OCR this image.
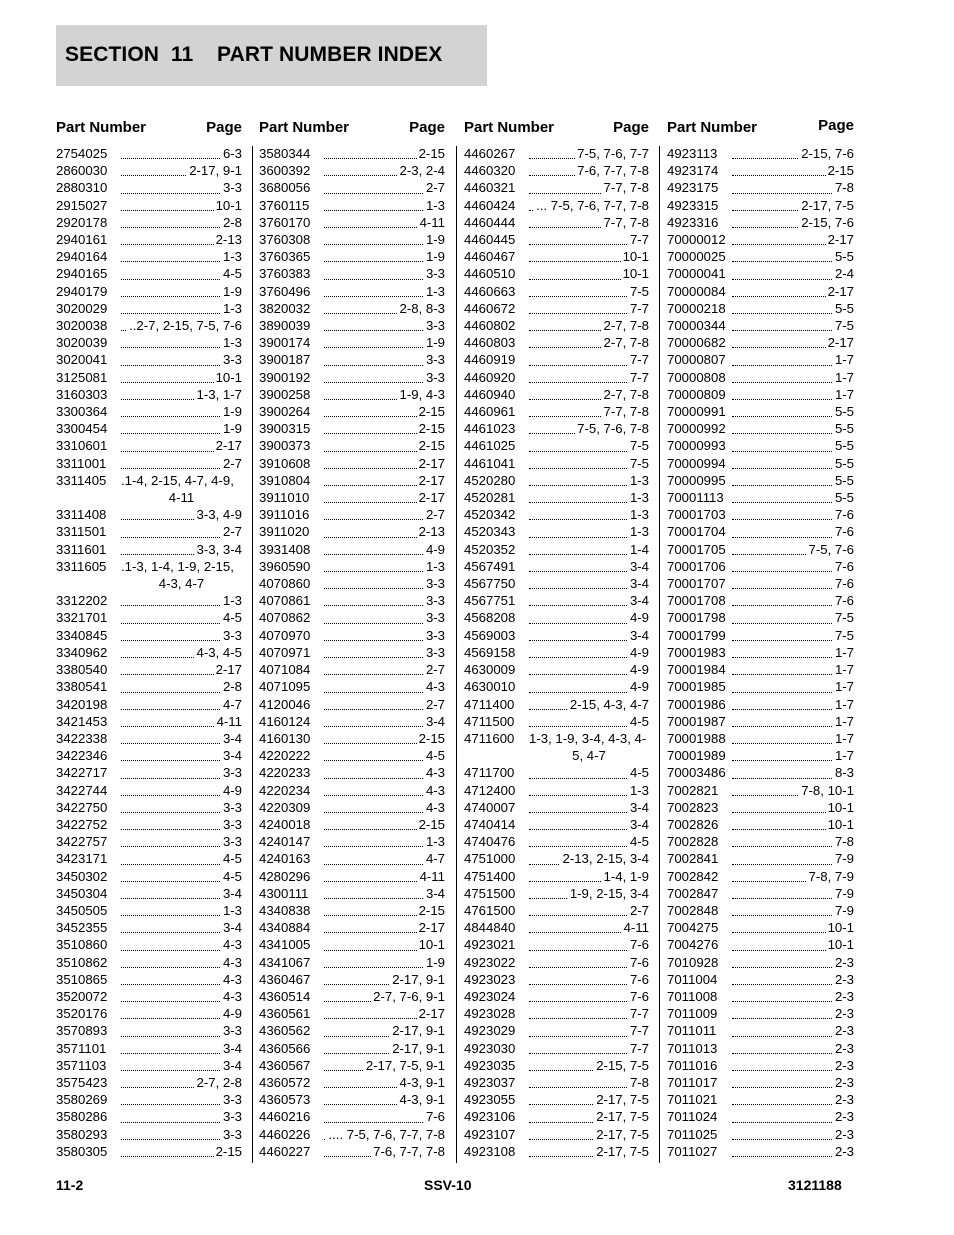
SECTION  11    PART NUMBER INDEX
Part Number	Page
2754025	6-3
2860030	2-17, 9-1
2880310	3-3
2915027	10-1
2920178	2-8
2940161	2-13
2940164	1-3
2940165	4-5
2940179	1-9
3020029	1-3
3020038	..2-7, 2-15, 7-5, 7-6
3020039	1-3
3020041	3-3
3125081	10-1
3160303	1-3, 1-7
3300364	1-9
3300454	1-9
3310601	2-17
3311001	2-7
3311405	.1-4, 2-15, 4-7, 4-9,
4-11
3311408	3-3, 4-9
3311501	2-7
3311601	3-3, 3-4
3311605	.1-3, 1-4, 1-9, 2-15,
4-3, 4-7
3312202	1-3
3321701	4-5
3340845	3-3
3340962	4-3, 4-5
3380540	2-17
3380541	2-8
3420198	4-7
3421453	4-11
3422338	3-4
3422346	3-4
3422717	3-3
3422744	4-9
3422750	3-3
3422752	3-3
3422757	3-3
3423171	4-5
3450302	4-5
3450304	3-4
3450505	1-3
3452355	3-4
3510860	4-3
3510862	4-3
3510865	4-3
3520072	4-3
3520176	4-9
3570893	3-3
3571101	3-4
3571103	3-4
3575423	2-7, 2-8
3580269	3-3
3580286	3-3
3580293	3-3
3580305	2-15
Part Number	Page
3580344	2-15
3600392	2-3, 2-4
3680056	2-7
3760115	1-3
3760170	4-11
3760308	1-9
3760365	1-9
3760383	3-3
3760496	1-3
3820032	2-8, 8-3
3890039	3-3
3900174	1-9
3900187	3-3
3900192	3-3
3900258	1-9, 4-3
3900264	2-15
3900315	2-15
3900373	2-15
3910608	2-17
3910804	2-17
3911010	2-17
3911016	2-7
3911020	2-13
3931408	4-9
3960590	1-3
4070860	3-3
4070861	3-3
4070862	3-3
4070970	3-3
4070971	3-3
4071084	2-7
4071095	4-3
4120046	2-7
4160124	3-4
4160130	2-15
4220222	4-5
4220233	4-3
4220234	4-3
4220309	4-3
4240018	2-15
4240147	1-3
4240163	4-7
4280296	4-11
4300111	3-4
4340838	2-15
4340884	2-17
4341005	10-1
4341067	1-9
4360467	2-17, 9-1
4360514	2-7, 7-6, 9-1
4360561	2-17
4360562	2-17, 9-1
4360566	2-17, 9-1
4360567	2-17, 7-5, 9-1
4360572	4-3, 9-1
4360573	4-3, 9-1
4460216	7-6
4460226	.... 7-5, 7-6, 7-7, 7-8
4460227	7-6, 7-7, 7-8
Part Number	Page
4460267	7-5, 7-6, 7-7
4460320	7-6, 7-7, 7-8
4460321	7-7, 7-8
4460424	... 7-5, 7-6, 7-7, 7-8
4460444	7-7, 7-8
4460445	7-7
4460467	10-1
4460510	10-1
4460663	7-5
4460672	7-7
4460802	2-7, 7-8
4460803	2-7, 7-8
4460919	7-7
4460920	7-7
4460940	2-7, 7-8
4460961	7-7, 7-8
4461023	7-5, 7-6, 7-8
4461025	7-5
4461041	7-5
4520280	1-3
4520281	1-3
4520342	1-3
4520343	1-3
4520352	1-4
4567491	3-4
4567750	3-4
4567751	3-4
4568208	4-9
4569003	3-4
4569158	4-9
4630009	4-9
4630010	4-9
4711400	2-15, 4-3, 4-7
4711500	4-5
4711600	1-3, 1-9, 3-4, 4-3, 4-
5, 4-7
4711700	4-5
4712400	1-3
4740007	3-4
4740414	3-4
4740476	4-5
4751000	2-13, 2-15, 3-4
4751400	1-4, 1-9
4751500	1-9, 2-15, 3-4
4761500	2-7
4844840	4-11
4923021	7-6
4923022	7-6
4923023	7-6
4923024	7-6
4923028	7-7
4923029	7-7
4923030	7-7
4923035	2-15, 7-5
4923037	7-8
4923055	2-17, 7-5
4923106	2-17, 7-5
4923107	2-17, 7-5
4923108	2-17, 7-5
Part Number	Page
4923113	2-15, 7-6
4923174	2-15
4923175	7-8
4923315	2-17, 7-5
4923316	2-15, 7-6
70000012	2-17
70000025	5-5
70000041	2-4
70000084	2-17
70000218	5-5
70000344	7-5
70000682	2-17
70000807	1-7
70000808	1-7
70000809	1-7
70000991	5-5
70000992	5-5
70000993	5-5
70000994	5-5
70000995	5-5
70001113	5-5
70001703	7-6
70001704	7-6
70001705	7-5, 7-6
70001706	7-6
70001707	7-6
70001708	7-6
70001798	7-5
70001799	7-5
70001983	1-7
70001984	1-7
70001985	1-7
70001986	1-7
70001987	1-7
70001988	1-7
70001989	1-7
70003486	8-3
7002821	7-8, 10-1
7002823	10-1
7002826	10-1
7002828	7-8
7002841	7-9
7002842	7-8, 7-9
7002847	7-9
7002848	7-9
7004275	10-1
7004276	10-1
7010928	2-3
7011004	2-3
7011008	2-3
7011009	2-3
7011011	2-3
7011013	2-3
7011016	2-3
7011017	2-3
7011021	2-3
7011024	2-3
7011025	2-3
7011027	2-3
11-2	SSV-10	3121188
